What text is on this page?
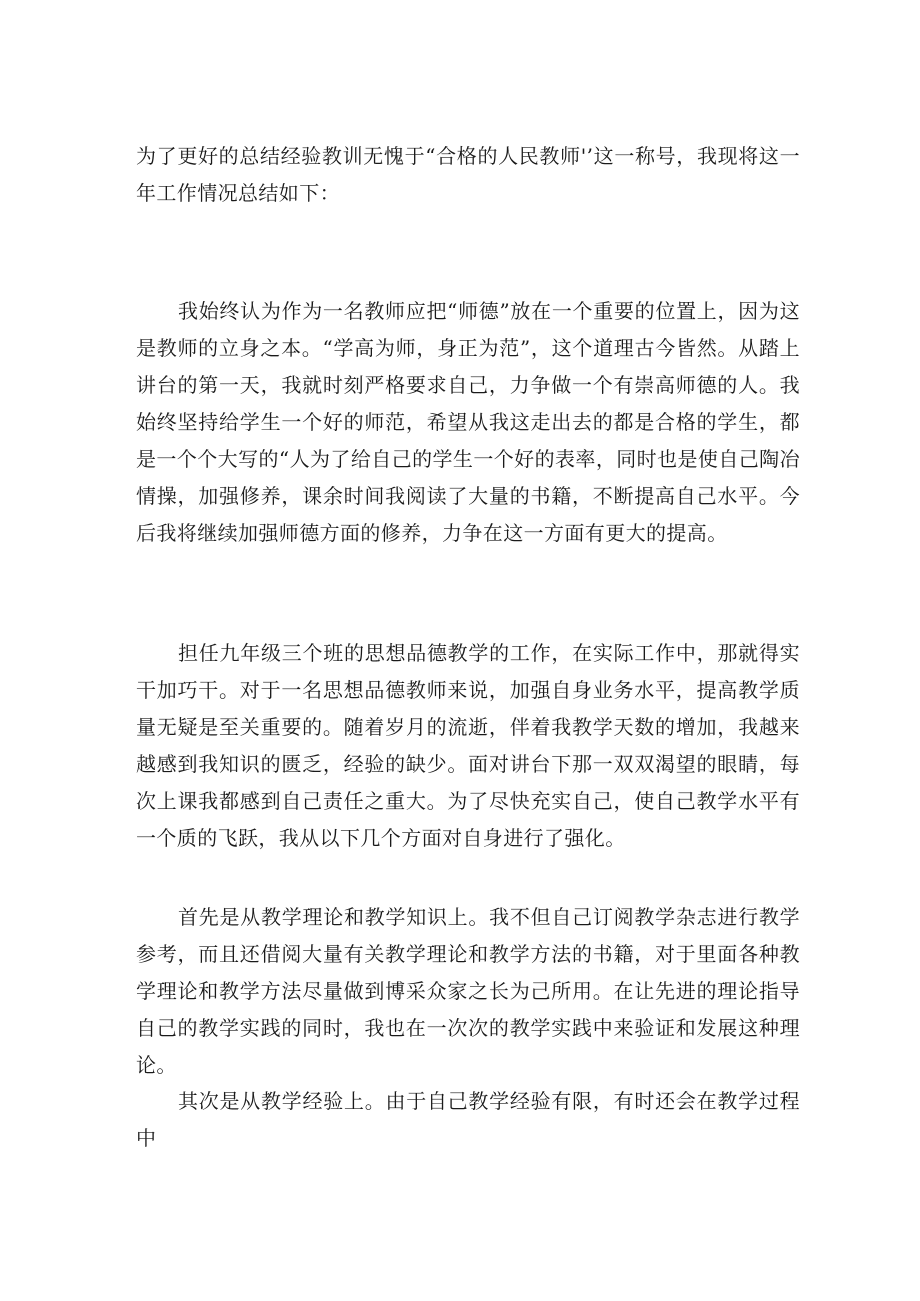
为了更好的总结经验教训无愧于“合格的人民教师'’这一称号，我现将这一年工作情况总结如下：

我始终认为作为一名教师应把“师德”放在一个重要的位置上，因为这是教师的立身之本。“学高为师，身正为范”，这个道理古今皆然。从踏上讲台的第一天，我就时刻严格要求自己，力争做一个有崇高师德的人。我始终坚持给学生一个好的师范，希望从我这走出去的都是合格的学生，都是一个个大写的“人为了给自己的学生一个好的表率，同时也是使自己陶冶情操，加强修养，课余时间我阅读了大量的书籍，不断提高自己水平。今后我将继续加强师德方面的修养，力争在这一方面有更大的提高。

担任九年级三个班的思想品德教学的工作，在实际工作中，那就得实干加巧干。对于一名思想品德教师来说，加强自身业务水平，提高教学质量无疑是至关重要的。随着岁月的流逝，伴着我教学天数的增加，我越来越感到我知识的匮乏，经验的缺少。面对讲台下那一双双渴望的眼睛，每次上课我都感到自己责任之重大。为了尽快充实自己，使自己教学水平有一个质的飞跃，我从以下几个方面对自身进行了强化。

首先是从教学理论和教学知识上。我不但自己订阅教学杂志进行教学参考，而且还借阅大量有关教学理论和教学方法的书籍，对于里面各种教学理论和教学方法尽量做到博采众家之长为己所用。在让先进的理论指导自己的教学实践的同时，我也在一次次的教学实践中来验证和发展这种理论。

其次是从教学经验上。由于自己教学经验有限，有时还会在教学过程中
